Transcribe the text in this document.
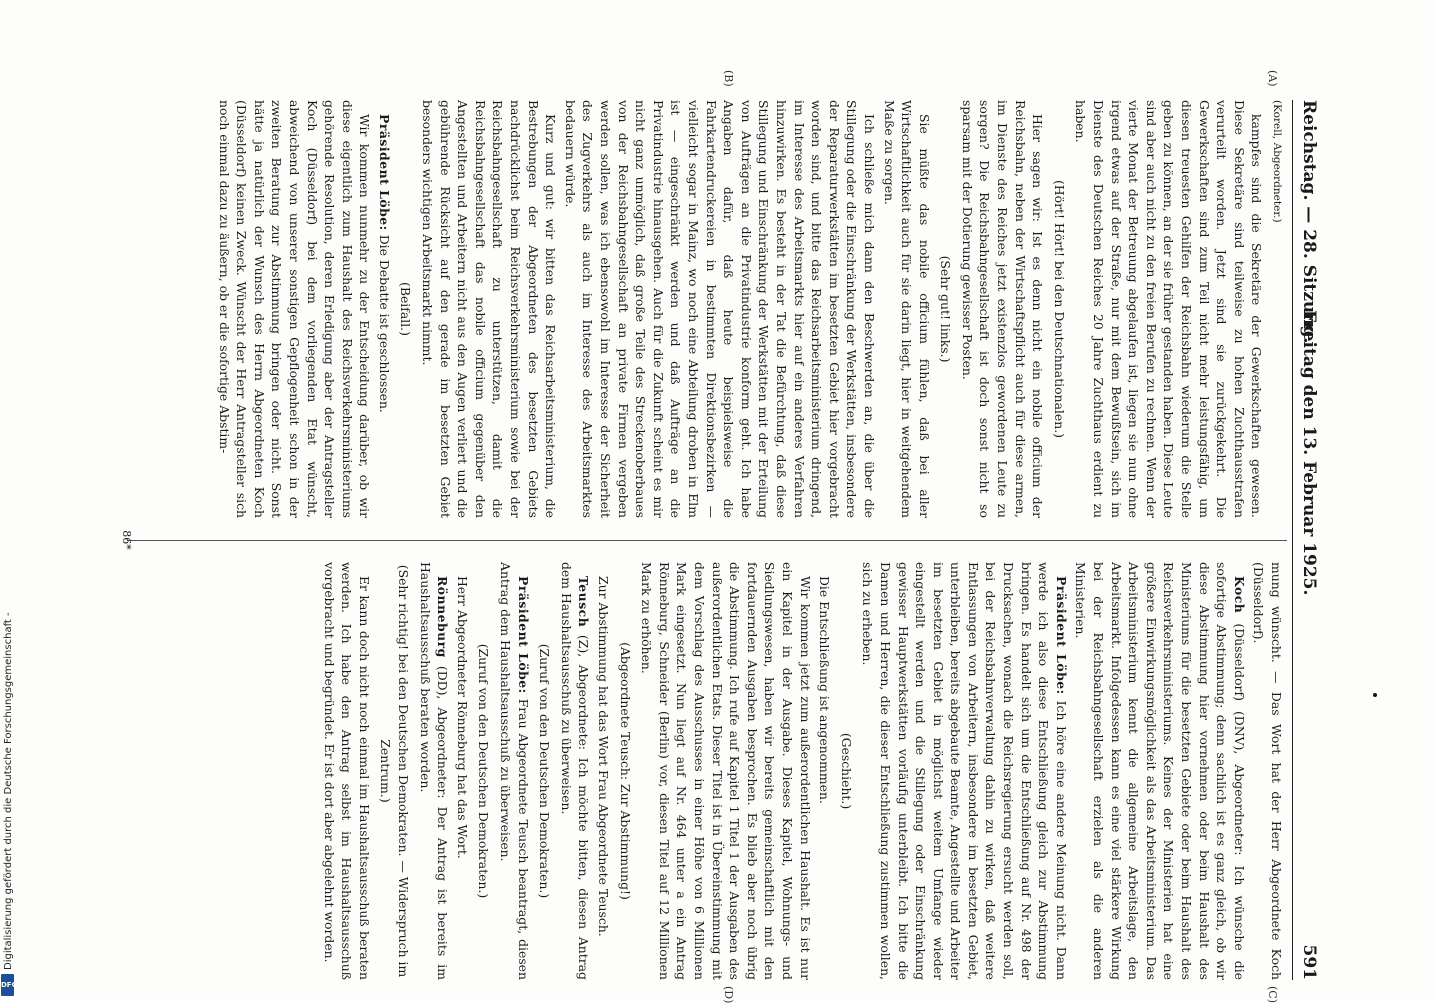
Reichstag. — 28. Sitzung.
Freitag den 13. Februar 1925.
591

(Korell, Abgeordneter.)

kampfes sind die Sekretäre der Gewerkschaften gewesen. Diese Sekretäre sind teilweise zu hohen Zuchthausstrafen verurteilt worden. Jetzt sind sie zurückgekehrt. Die Gewerkschaften sind zum Teil nicht mehr leistungsfähig, um diesen treuesten Gehilfen der Reichsbahn wiederum die Stelle geben zu können, an der sie früher gestanden haben. Diese Leute sind aber auch nicht zu den freien Berufen zu rechnen. Wenn der vierte Monat der Betreuung abgelaufen ist, liegen sie nun ohne irgend etwas auf der Straße, nur mit dem Bewußtsein, sich im Dienste des Deutschen Reiches 20 Jahre Zuchthaus erdient zu haben.

(Hört! Hört! bei den Deutschnationalen.)

Hier sagen wir: Ist es denn nicht ein nobile officium der Reichsbahn, neben der Wirtschaftspflicht auch für diese armen, im Dienste des Reiches jetzt existenzlos gewordenen Leute zu sorgen? Die Reichsbahngesellschaft ist doch sonst nicht so sparsam mit der Dotierung gewisser Posten.

(Sehr gut! links.)

Sie müßte das nobile officium fühlen, daß bei aller Wirtschaftlichkeit auch für sie darin liegt, hier in weitgehendem Maße zu sorgen.

Ich schließe mich dann den Beschwerden an, die über die Stillegung oder die Einschränkung der Werkstätten, insbesondere der Reparaturwerkstätten im besetzten Gebiet hier vorgebracht worden sind, und bitte das Reichsarbeitsministerium dringend, im Interesse des Arbeitsmarkts hier auf ein anderes Verfahren hinzuwirken. Es besteht in der Tat die Befürchtung, daß diese Stillegung und Einschränkung der Werkstätten mit der Erteilung von Aufträgen an die Privatindustrie konform geht. Ich habe Angaben dafür, daß heute beispielsweise die Fahrkartendruckereien in bestimmten Direktionsbezirken — vielleicht sogar in Mainz, wo noch eine Abteilung droben in Elm ist — eingeschränkt werden und daß Aufträge an die Privatindustrie hinausgehen. Auch für die Zukunft scheint es mir nicht ganz unmöglich, daß große Teile des Streckenoberbaues von der Reichsbahngesellschaft an private Firmen vergeben werden sollen, was ich ebensowohl im Interesse der Sicherheit des Zugverkehrs als auch im Interesse des Arbeitsmarktes bedauern würde.

Kurz und gut: wir bitten das Reichsarbeitsministerium, die Bestrebungen der Abgeordneten des besetzten Gebiets nachdrücklichst beim Reichsverkehrsministerium sowie bei der Reichsbahngesellschaft zu unterstützen, damit die Reichsbahngesellschaft das nobile officium gegenüber den Angestellten und Arbeitern nicht aus den Augen verliert und die gebührende Rücksicht auf den gerade im besetzten Gebiet besonders wichtigen Arbeitsmarkt nimmt.

(Beifall.)

Präsident Löbe: Die Debatte ist geschlossen.

Wir kommen nunmehr zu der Entscheidung darüber, ob wir diese eigentlich zum Haushalt des Reichsverkehrsministeriums gehörende Resolution, deren Erledigung aber der Antragsteller Koch (Düsseldorf) bei dem vorliegenden Etat wünscht, abweichend von unserer sonstigen Gepflogenheit schon in der zweiten Beratung zur Abstimmung bringen oder nicht. Sonst hätte ja natürlich der Wunsch des Herrn Abgeordneten Koch (Düsseldorf) keinen Zweck. Wünscht der Herr Antragsteller sich noch einmal dazu zu äußern, ob er die sofortige Abstim-

mung wünscht. — Das Wort hat der Herr Abgeordnete Koch (Düsseldorf).

Koch (Düsseldorf) (DNV), Abgeordneter: Ich wünsche die sofortige Abstimmung; denn sachlich ist es ganz gleich, ob wir diese Abstimmung hier vornehmen oder beim Haushalt des Ministeriums für die besetzten Gebiete oder beim Haushalt des Reichsverkehrsministeriums. Keines der Ministerien hat eine größere Einwirkungsmöglichkeit als das Arbeitsministerium. Das Arbeitsministerium kennt die allgemeine Arbeitslage, den Arbeitsmarkt. Infolgedessen kann es eine viel stärkere Wirkung bei der Reichsbahngesellschaft erzielen als die anderen Ministerien.

Präsident Löbe: Ich höre eine andere Meinung nicht. Dann werde ich also diese Entschließung gleich zur Abstimmung bringen. Es handelt sich um die Entschließung auf Nr. 498 der Drucksachen, wonach die Reichsregierung ersucht werden soll, bei der Reichsbahnverwaltung dahin zu wirken, daß weitere Entlassungen von Arbeitern, insbesondere im besetzten Gebiet, unterbleiben, bereits abgebaute Beamte, Angestellte und Arbeiter im besetzten Gebiet in möglichst weitem Umfange wieder eingestellt werden und die Stillegung oder Einschränkung gewisser Hauptwerkstätten vorläufig unterbleibt. Ich bitte die Damen und Herren, die dieser Entschließung zustimmen wollen, sich zu erheben.

(Geschieht.)

Die Entschließung ist angenommen.

Wir kommen jetzt zum außerordentlichen Haushalt. Es ist nur ein Kapitel in der Ausgabe. Dieses Kapitel, Wohnungs- und Siedlungswesen, haben wir bereits gemeinschaftlich mit den fortdauernden Ausgaben besprochen. Es blieb aber noch übrig die Abstimmung. Ich rufe auf Kapitel 1 Titel 1 der Ausgaben des außerordentlichen Etats. Dieser Titel ist in Übereinstimmung mit dem Vorschlag des Ausschusses in einer Höhe von 6 Millionen Mark eingesetzt. Nun liegt auf Nr. 464 unter a ein Antrag Rönneburg, Schneider (Berlin) vor, diesen Titel auf 12 Millionen Mark zu erhöhen.

(Abgeordnete Teusch: Zur Abstimmung!)

Zur Abstimmung hat das Wort Frau Abgeordnete Teusch.

Teusch (Z), Abgeordnete: Ich möchte bitten, diesen Antrag dem Haushaltsausschuß zu überweisen.

(Zuruf von den Deutschen Demokraten.)

Präsident Löbe: Frau Abgeordnete Teusch beantragt, diesen Antrag dem Haushaltsausschuß zu überweisen.

(Zuruf von den Deutschen Demokraten.)

Herr Abgeordneter Rönneburg hat das Wort.

Rönneburg (DD), Abgeordneter: Der Antrag ist bereits im Haushaltsausschuß beraten worden.

(Sehr richtig! bei den Deutschen Demokraten. — Widerspruch im Zentrum.)

Er kann doch nicht noch einmal im Haushaltsausschuß beraten werden. Ich habe den Antrag selbst im Haushaltsausschuß vorgebracht und begründet. Er ist dort aber abgelehnt worden.

(A)
(B)
(C)
(D)
86*
Digitalisierung gefördert durch die Deutsche Forschungsgemeinschaft -
DFG
